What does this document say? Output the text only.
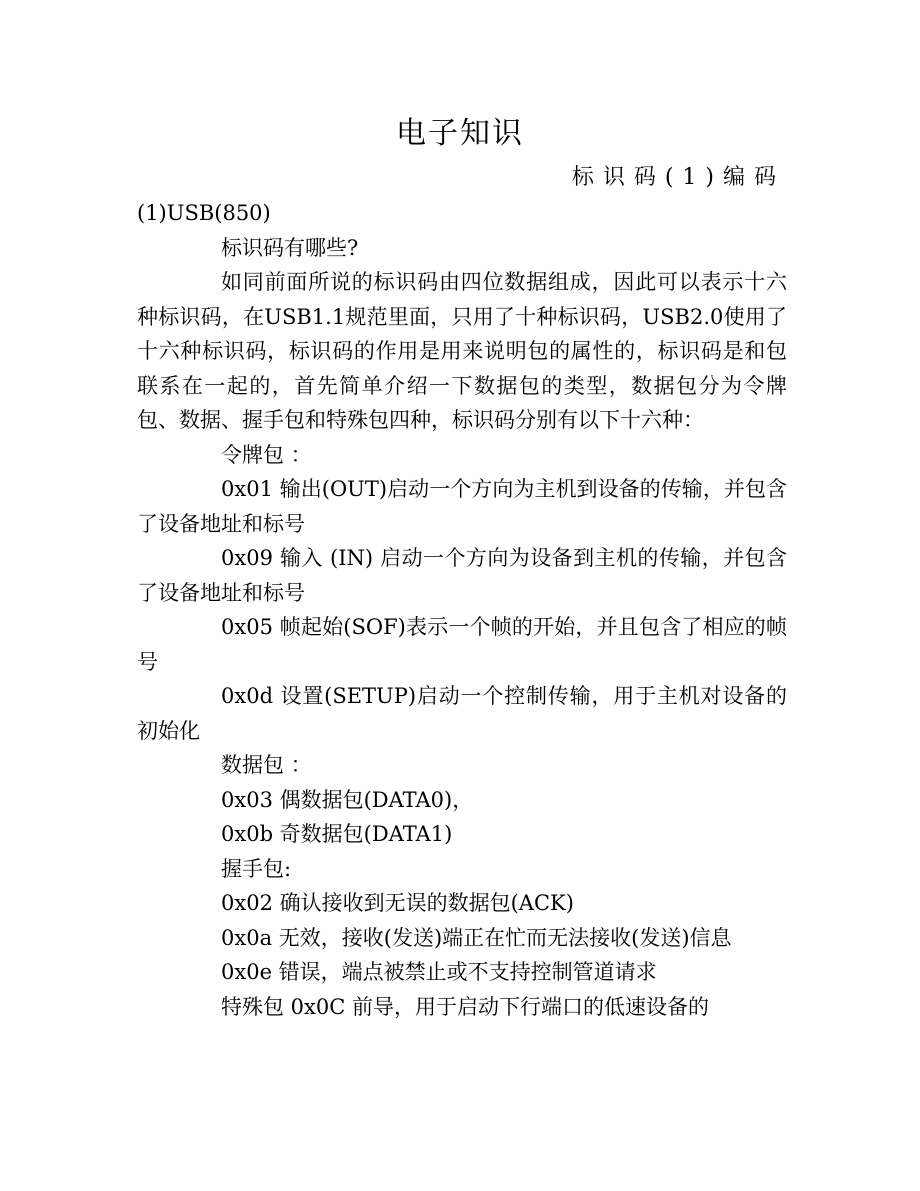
电子知识
标识码(1)编码

(1)USB(850)

标识码有哪些?

如同前面所说的标识码由四位数据组成，因此可以表示十六种标识码，在USB1.1规范里面，只用了十种标识码，USB2.0使用了十六种标识码，标识码的作用是用来说明包的属性的，标识码是和包联系在一起的，首先简单介绍一下数据包的类型，数据包分为令牌包、数据、握手包和特殊包四种，标识码分别有以下十六种：

令牌包 ：

0x01 输出(OUT)启动一个方向为主机到设备的传输，并包含了设备地址和标号

0x09 输入 (IN) 启动一个方向为设备到主机的传输，并包含了设备地址和标号

0x05 帧起始(SOF)表示一个帧的开始，并且包含了相应的帧号

0x0d 设置(SETUP)启动一个控制传输，用于主机对设备的初始化

数据包 ：

0x03 偶数据包(DATA0)，

0x0b 奇数据包(DATA1)

握手包:

0x02 确认接收到无误的数据包(ACK)

0x0a 无效，接收(发送)端正在忙而无法接收(发送)信息

0x0e 错误，端点被禁止或不支持控制管道请求

特殊包 0x0C 前导，用于启动下行端口的低速设备的
